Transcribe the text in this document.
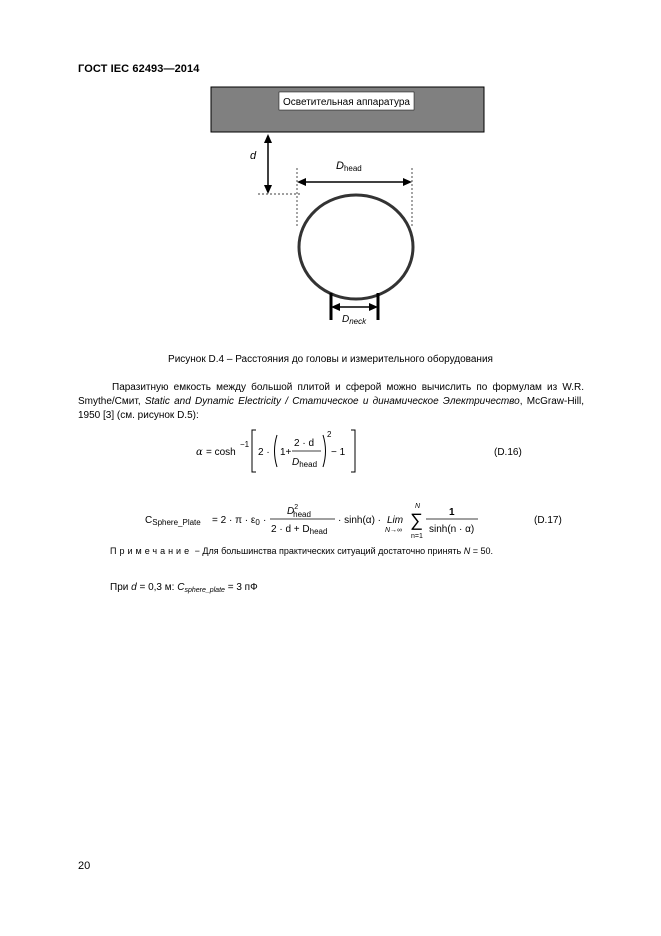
ГОСТ IEC 62493—2014
Осветительная аппаратура
d
Dhead
$D_{neck}$
α = cosh
−1
2 · 1+
2 · d
$D_{head}$
2
− 1	(D.16)
$C_{Sphere\_Plate} = 2 \cdot \pi \cdot \varepsilon_0$ ·
$D^2$ head
$2 \cdot d + D_{head}$
· sinh(α) · Lim
N→∞
N
∑
n=1
1
sinh(n · α)
(D.17)
Рисунок D.4 – Расстояния до головы и измерительного оборудования
Паразитную емкость между большой плитой и сферой можно вычислить по формулам из W.R. Smythe/Смит, Static and Dynamic Electricity / Статическое и динамическое Электричество, McGraw-Hill, 1950 [3] (см. рисунок D.5):
Примечание − Для большинства практических ситуаций достаточно принять N = 50.
При d = 0,3 м: $C_{sphere\_plate} = 3$ пФ
20
